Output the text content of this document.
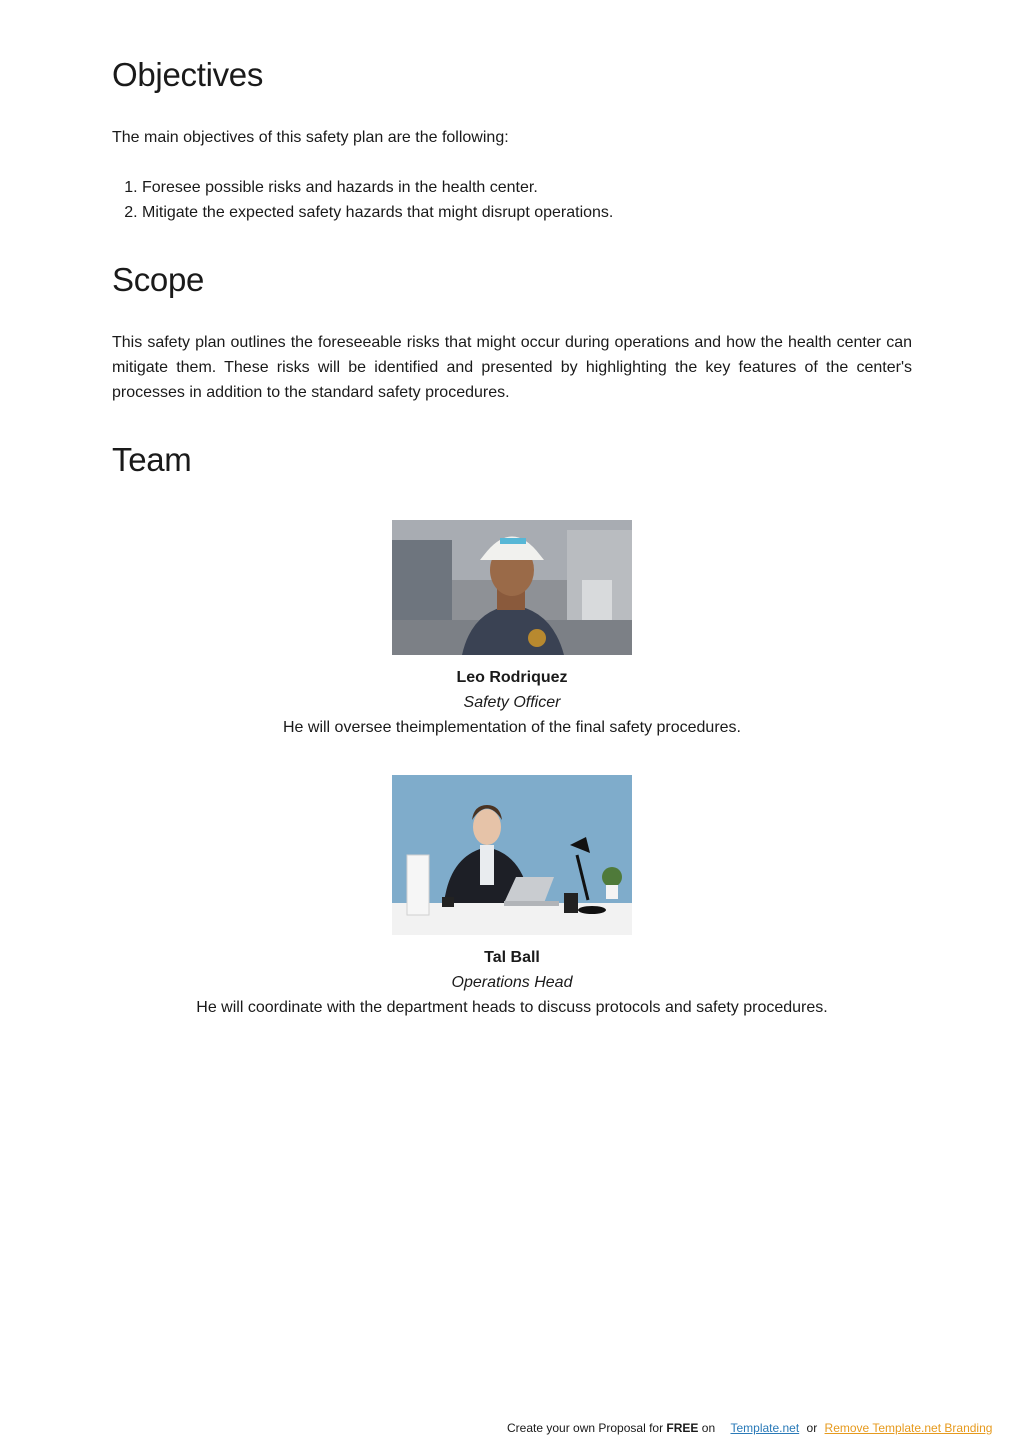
Objectives

The main objectives of this safety plan are the following:

1. Foresee possible risks and hazards in the health center.
2. Mitigate the expected safety hazards that might disrupt operations.
Scope

This safety plan outlines the foreseeable risks that might occur during operations and how the health center can mitigate them. These risks will be identified and presented by highlighting the key features of the center's processes in addition to the standard safety procedures.

Team
Leo Rodriquez
Safety Officer
He will oversee theimplementation of the final safety procedures.
Tal Ball
Operations Head
He will coordinate with the department heads to discuss protocols and safety procedures.
Create your own Proposal for FREE on Template.net or Remove Template.net Branding
